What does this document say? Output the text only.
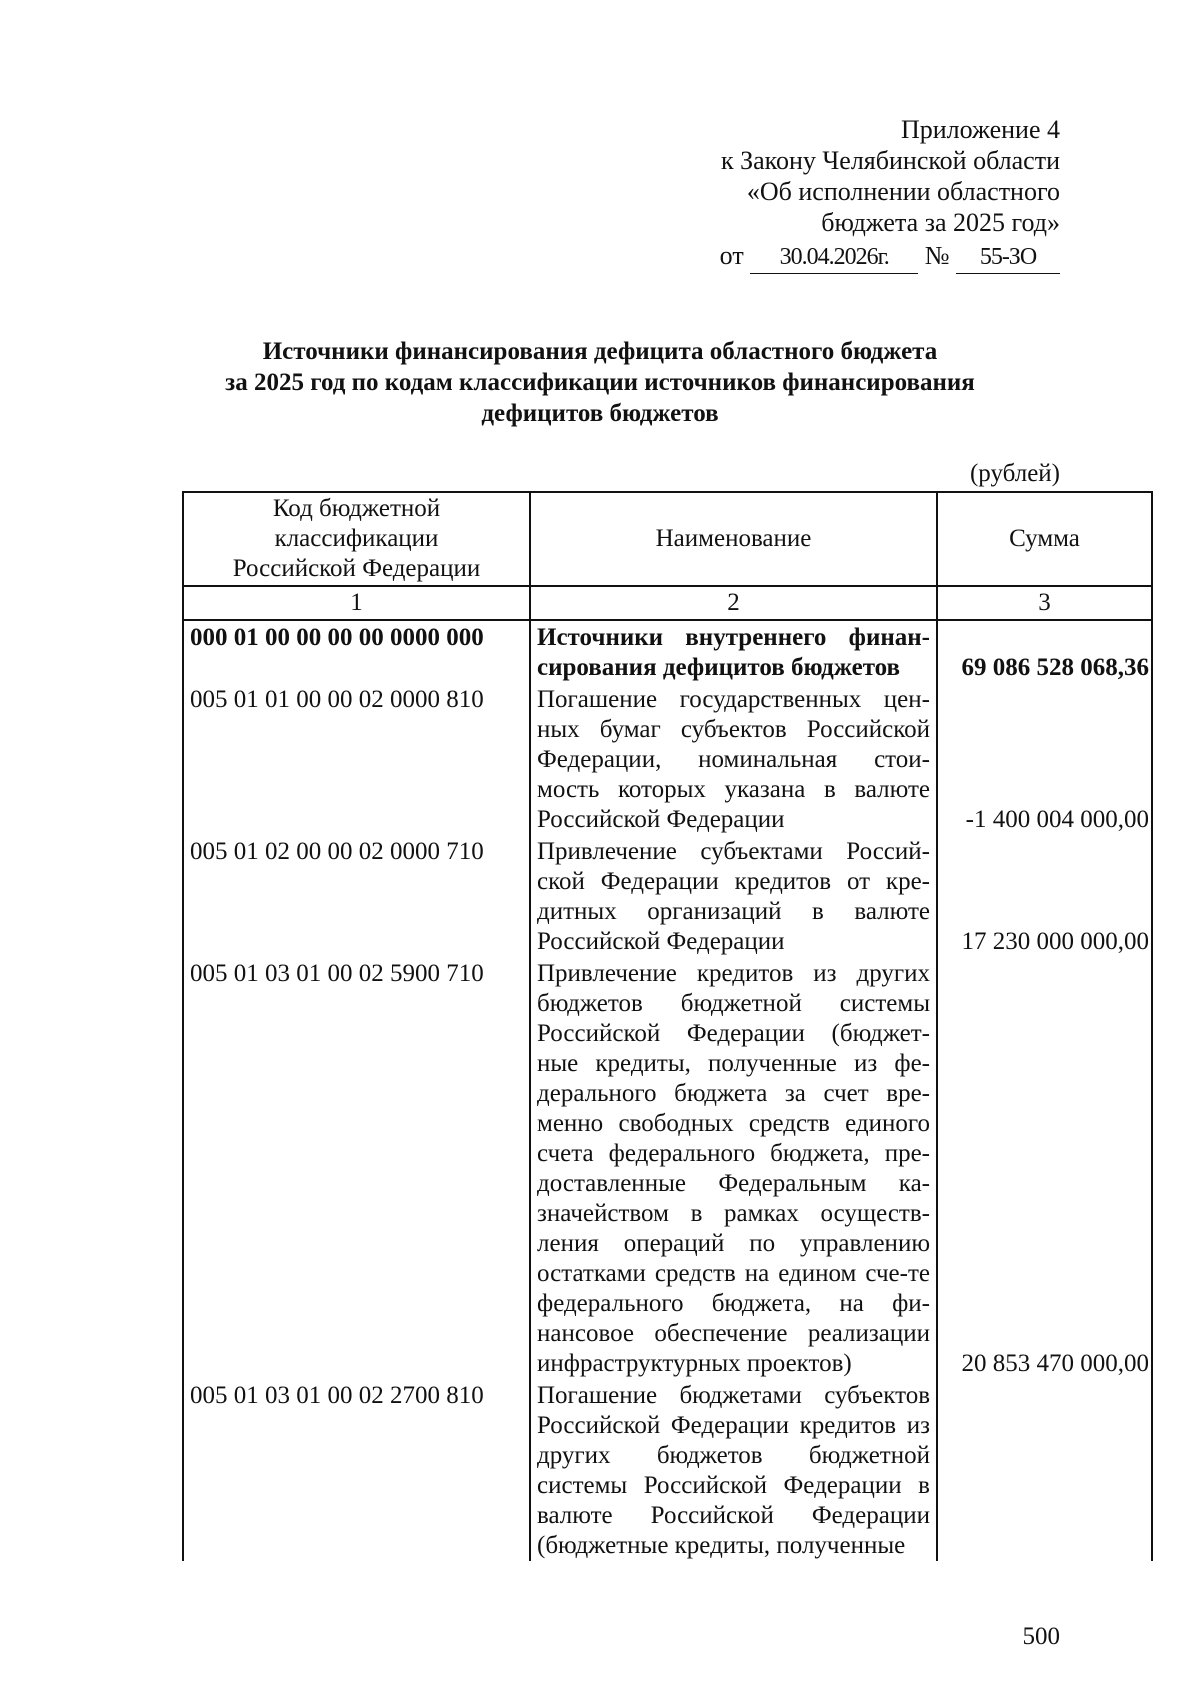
Приложение 4
к Закону Челябинской области
«Об исполнении областного
бюджета за 2025 год»
от 30.04.2026г. № 55-ЗО
Источники финансирования дефицита областного бюджета
за 2025 год по кодам классификации источников финансирования
дефицитов бюджетов
(рублей)
Код бюджетной классификации Российской Федерации	Наименование	Сумма
1	2	3
000 01 00 00 00 00 0000 000	Источники внутреннего финан-сирования дефицитов бюджетов	69 086 528 068,36
005 01 01 00 00 02 0000 810	Погашение государственных цен-ных бумаг субъектов Российской Федерации, номинальная стои-мость которых указана в валюте Российской Федерации	-1 400 004 000,00
005 01 02 00 00 02 0000 710	Привлечение субъектами Россий-ской Федерации кредитов от кре-дитных организаций в валюте Российской Федерации	17 230 000 000,00
005 01 03 01 00 02 5900 710	Привлечение кредитов из других бюджетов бюджетной системы Российской Федерации (бюджет-ные кредиты, полученные из фе-дерального бюджета за счет вре-менно свободных средств единого счета федерального бюджета, пре-доставленные Федеральным ка-значейством в рамках осуществ-ления операций по управлению остатками средств на едином сче-те федерального бюджета, на фи-нансовое обеспечение реализации инфраструктурных проектов)	20 853 470 000,00
005 01 03 01 00 02 2700 810	Погашение бюджетами субъектов Российской Федерации кредитов из других бюджетов бюджетной системы Российской Федерации в валюте Российской Федерации (бюджетные кредиты, полученные	
500
